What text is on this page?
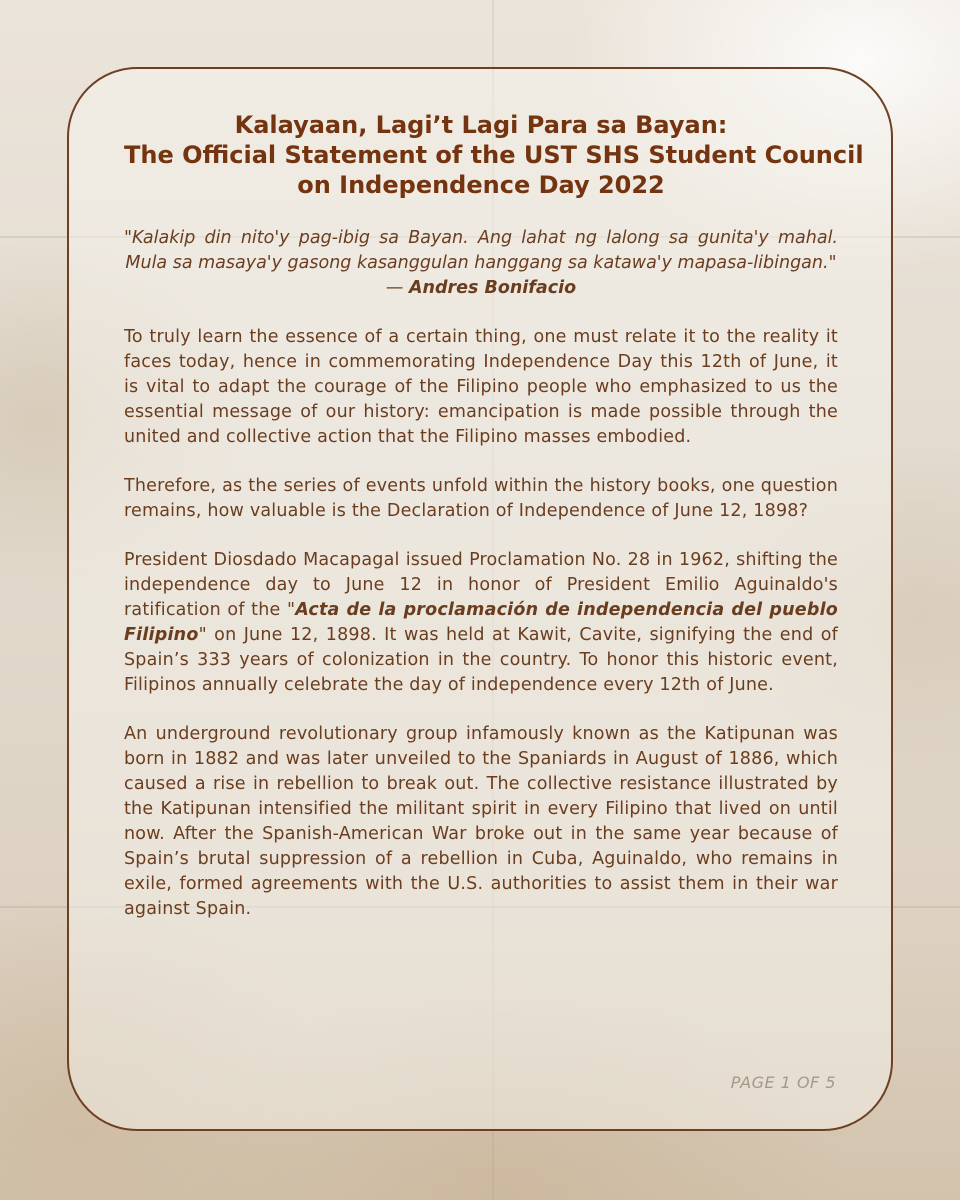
Kalayaan, Lagi’t Lagi Para sa Bayan:
The Official Statement of the UST SHS Student Council
on Independence Day 2022

"Kalakip din nito'y pag-ibig sa Bayan. Ang lahat ng lalong sa gunita'y mahal. Mula sa masaya'y gasong kasanggulan hanggang sa katawa'y mapasa-libingan."

— Andres Bonifacio

To truly learn the essence of a certain thing, one must relate it to the reality it faces today, hence in commemorating Independence Day this 12th of June, it is vital to adapt the courage of the Filipino people who emphasized to us the essential message of our history: emancipation is made possible through the united and collective action that the Filipino masses embodied.

Therefore, as the series of events unfold within the history books, one question remains, how valuable is the Declaration of Independence of June 12, 1898?

President Diosdado Macapagal issued Proclamation No. 28 in 1962, shifting the independence day to June 12 in honor of President Emilio Aguinaldo's ratification of the "Acta de la proclamación de independencia del pueblo Filipino" on June 12, 1898. It was held at Kawit, Cavite, signifying the end of Spain’s 333 years of colonization in the country. To honor this historic event, Filipinos annually celebrate the day of independence every 12th of June.

An underground revolutionary group infamously known as the Katipunan was born in 1882 and was later unveiled to the Spaniards in August of 1886, which caused a rise in rebellion to break out. The collective resistance illustrated by the Katipunan intensified the militant spirit in every Filipino that lived on until now. After the Spanish-American War broke out in the same year because of Spain’s brutal suppression of a rebellion in Cuba, Aguinaldo, who remains in exile, formed agreements with the U.S. authorities to assist them in their war against Spain.

PAGE 1 OF 5
